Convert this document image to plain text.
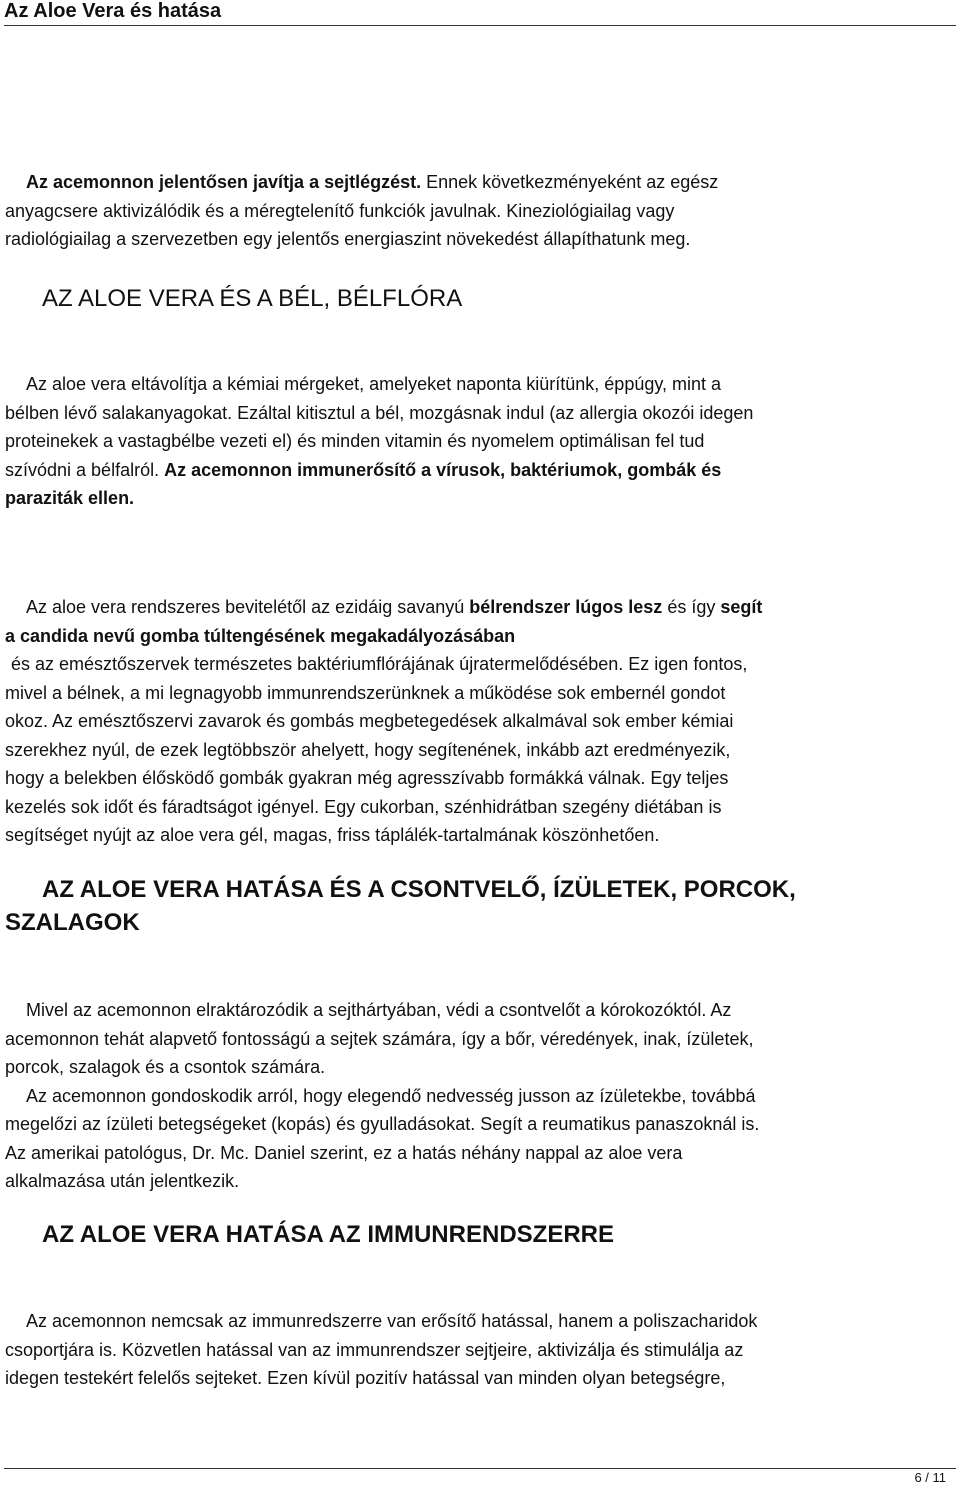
Az Aloe Vera és hatása
Az acemonnon jelentősen javítja a sejtlégzést. Ennek következményeként az egész
anyagcsere aktivizálódik és a méregtelenítő funkciók javulnak. Kineziológiailag vagy
radiológiailag a szervezetben egy jelentős energiaszint növekedést állapíthatunk meg.
AZ ALOE VERA ÉS A BÉL, BÉLFLÓRA
Az aloe vera eltávolítja a kémiai mérgeket, amelyeket naponta kiürítünk, éppúgy, mint a
bélben lévő salakanyagokat. Ezáltal kitisztul a bél, mozgásnak indul (az allergia okozói idegen
proteinekek a vastagbélbe vezeti el) és minden vitamin és nyomelem optimálisan fel tud
szívódni a bélfalról. Az acemonnon immunerősítő a vírusok, baktériumok, gombák és
paraziták ellen.
Az aloe vera rendszeres bevitelétől az ezidáig savanyú bélrendszer lúgos lesz és így segít
a candida nevű gomba túltengésének megakadályozásában
és az emésztőszervek természetes baktériumflórájának újratermelődésében. Ez igen fontos,
mivel a bélnek, a mi legnagyobb immunrendszerünknek a működése sok embernél gondot
okoz. Az emésztőszervi zavarok és gombás megbetegedések alkalmával sok ember kémiai
szerekhez nyúl, de ezek legtöbbször ahelyett, hogy segítenének, inkább azt eredményezik,
hogy a belekben élősködő gombák gyakran még agresszívabb formákká válnak. Egy teljes
kezelés sok időt és fáradtságot igényel. Egy cukorban, szénhidrátban szegény diétában is
segítséget nyújt az aloe vera gél, magas, friss táplálék-tartalmának köszönhetően.
AZ ALOE VERA HATÁSA ÉS A CSONTVELŐ, ÍZÜLETEK, PORCOK,
SZALAGOK
Mivel az acemonnon elraktározódik a sejthártyában, védi a csontvelőt a kórokozóktól. Az
acemonnon tehát alapvető fontosságú a sejtek számára, így a bőr, véredények, inak, ízületek,
porcok, szalagok és a csontok számára.
Az acemonnon gondoskodik arról, hogy elegendő nedvesség jusson az ízületekbe, továbbá
megelőzi az ízületi betegségeket (kopás) és gyulladásokat. Segít a reumatikus panaszoknál is.
Az amerikai patológus, Dr. Mc. Daniel szerint, ez a hatás néhány nappal az aloe vera
alkalmazása után jelentkezik.
AZ ALOE VERA HATÁSA AZ IMMUNRENDSZERRE
Az acemonnon nemcsak az immunredszerre van erősítő hatással, hanem a poliszacharidok
csoportjára is. Közvetlen hatással van az immunrendszer sejtjeire, aktivizálja és stimulálja az
idegen testekért felelős sejteket. Ezen kívül pozitív hatással van minden olyan betegségre,
6 / 11
